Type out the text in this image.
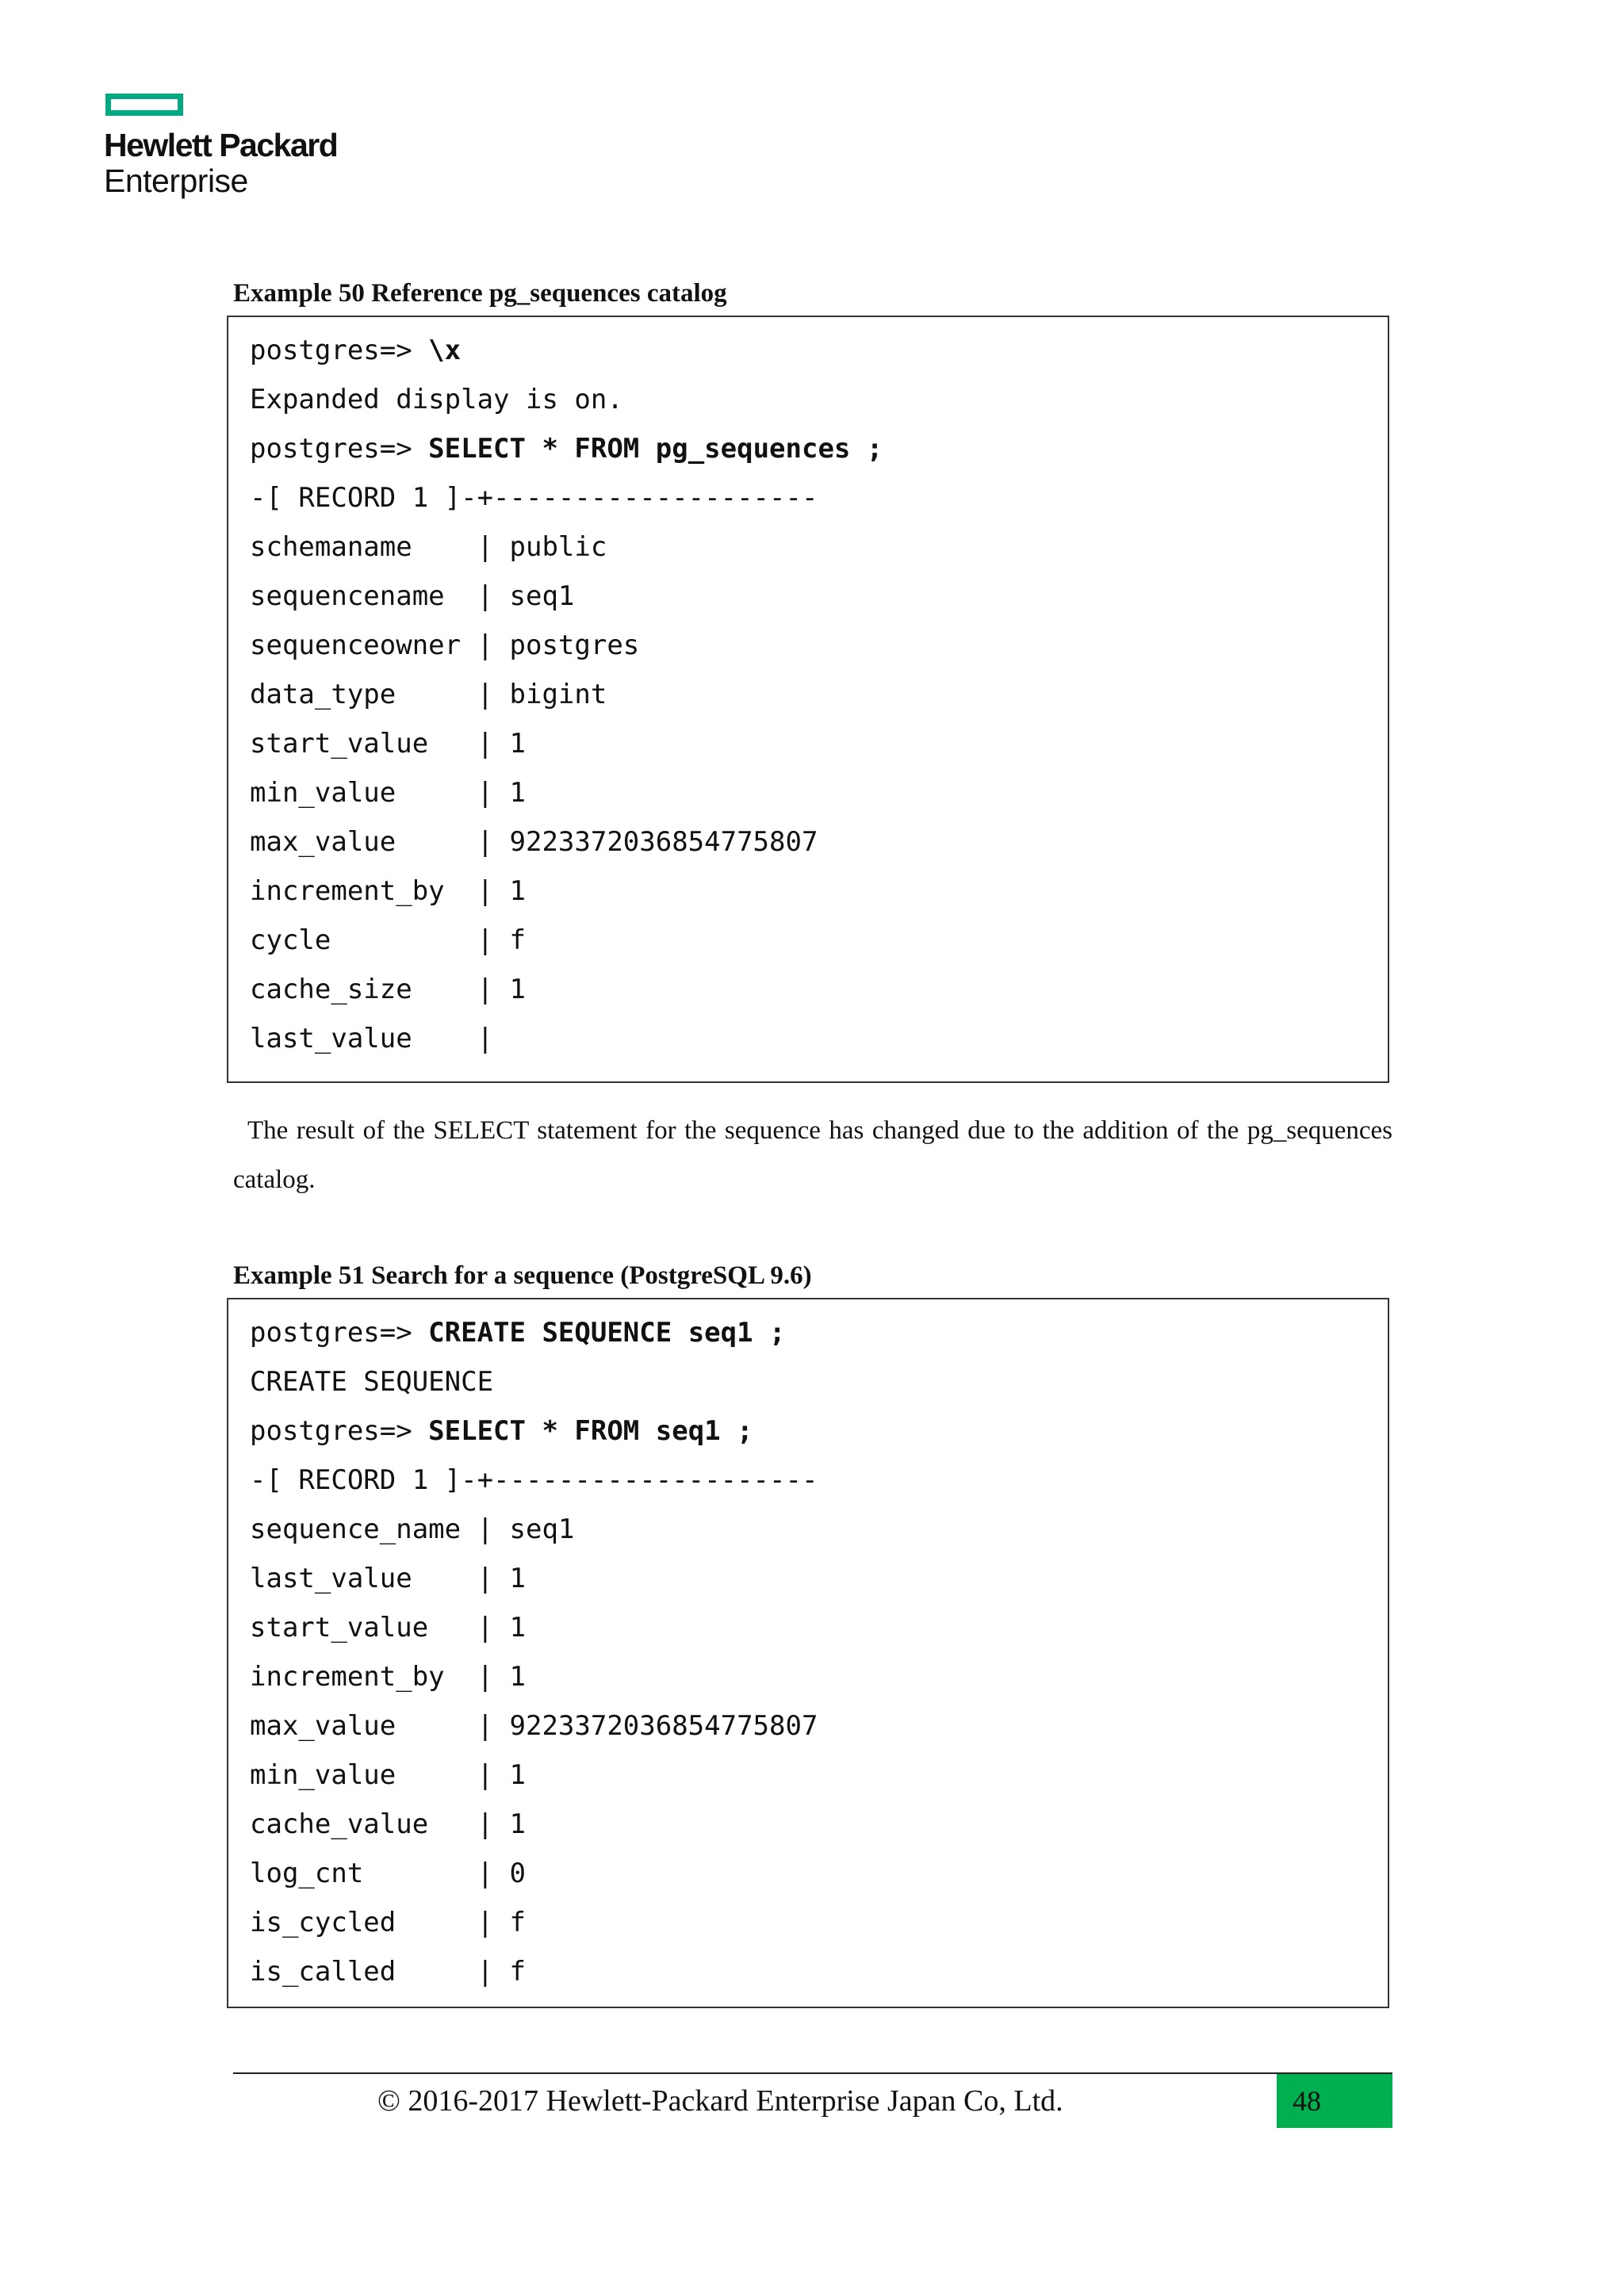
Hewlett Packard
Enterprise
Example 50 Reference pg_sequences catalog
postgres=> \x
Expanded display is on.
postgres=> SELECT * FROM pg_sequences ;
-[ RECORD 1 ]-+--------------------
schemaname    | public
sequencename  | seq1
sequenceowner | postgres
data_type     | bigint
start_value   | 1
min_value     | 1
max_value     | 9223372036854775807
increment_by  | 1
cycle         | f
cache_size    | 1
last_value    |
The result of the SELECT statement for the sequence has changed due to the addition of the pg_sequences catalog.
Example 51 Search for a sequence (PostgreSQL 9.6)
postgres=> CREATE SEQUENCE seq1 ;
CREATE SEQUENCE
postgres=> SELECT * FROM seq1 ;
-[ RECORD 1 ]-+--------------------
sequence_name | seq1
last_value    | 1
start_value   | 1
increment_by  | 1
max_value     | 9223372036854775807
min_value     | 1
cache_value   | 1
log_cnt       | 0
is_cycled     | f
is_called     | f
© 2016-2017 Hewlett-Packard Enterprise Japan Co, Ltd.	48
